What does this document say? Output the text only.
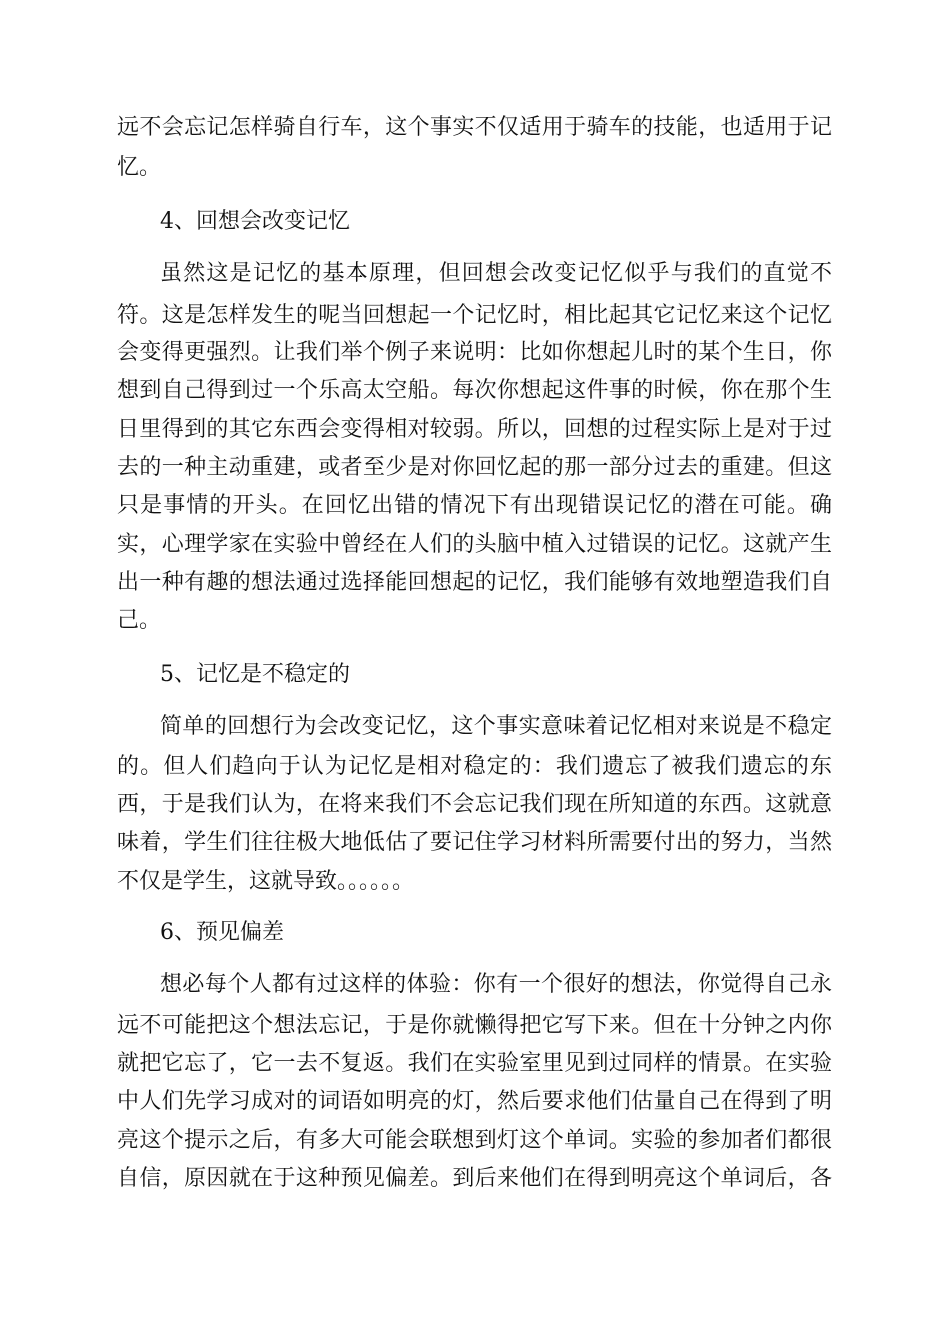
远不会忘记怎样骑自行车，这个事实不仅适用于骑车的技能，也适用于记
忆。
4、回想会改变记忆
虽然这是记忆的基本原理，但回想会改变记忆似乎与我们的直觉不
符。这是怎样发生的呢当回想起一个记忆时，相比起其它记忆来这个记忆
会变得更强烈。让我们举个例子来说明：比如你想起儿时的某个生日，你
想到自己得到过一个乐高太空船。每次你想起这件事的时候，你在那个生
日里得到的其它东西会变得相对较弱。所以，回想的过程实际上是对于过
去的一种主动重建，或者至少是对你回忆起的那一部分过去的重建。但这
只是事情的开头。在回忆出错的情况下有出现错误记忆的潜在可能。确
实，心理学家在实验中曾经在人们的头脑中植入过错误的记忆。这就产生
出一种有趣的想法通过选择能回想起的记忆，我们能够有效地塑造我们自
己。
5、记忆是不稳定的
简单的回想行为会改变记忆，这个事实意味着记忆相对来说是不稳定
的。但人们趋向于认为记忆是相对稳定的：我们遗忘了被我们遗忘的东
西，于是我们认为，在将来我们不会忘记我们现在所知道的东西。这就意
味着，学生们往往极大地低估了要记住学习材料所需要付出的努力，当然
不仅是学生，这就导致。。。。。。
6、预见偏差
想必每个人都有过这样的体验：你有一个很好的想法，你觉得自己永
远不可能把这个想法忘记，于是你就懒得把它写下来。但在十分钟之内你
就把它忘了，它一去不复返。我们在实验室里见到过同样的情景。在实验
中人们先学习成对的词语如明亮的灯，然后要求他们估量自己在得到了明
亮这个提示之后，有多大可能会联想到灯这个单词。实验的参加者们都很
自信，原因就在于这种预见偏差。到后来他们在得到明亮这个单词后，各
